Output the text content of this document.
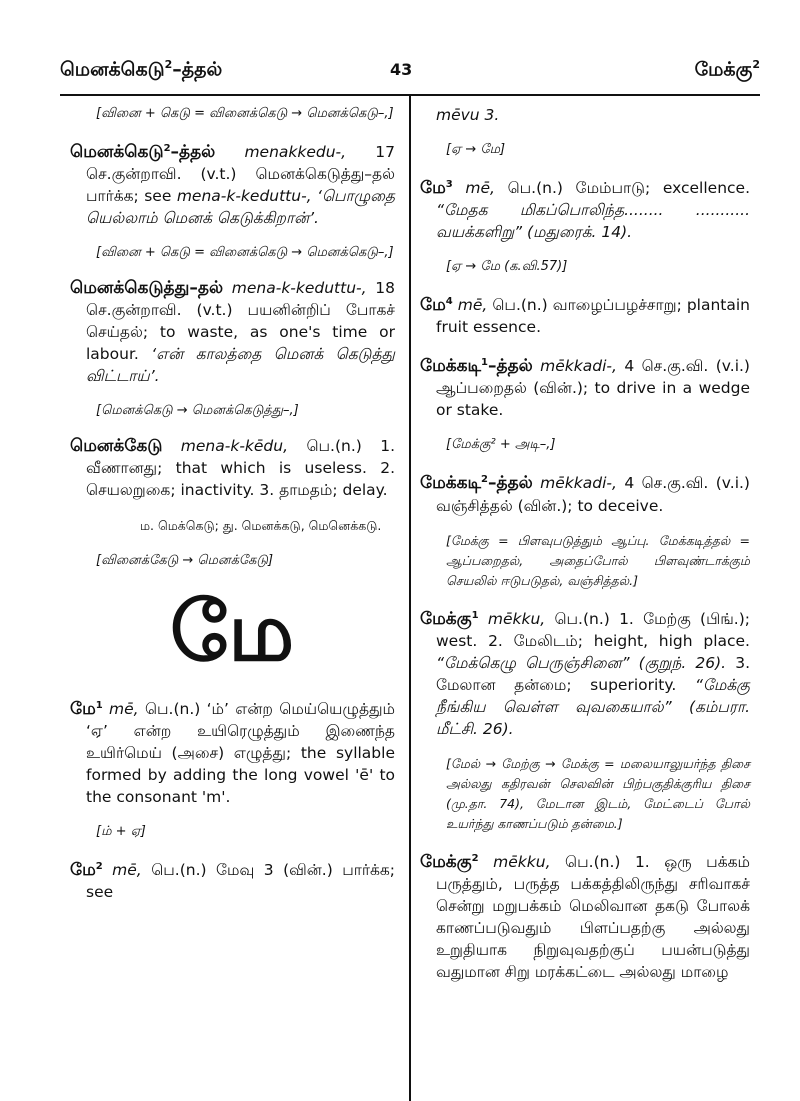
மெனக்கெடு$^2$–த்தல்	43	மேக்கு$^2$
[வினை + கெடு = வினைக்கெடு → மெனக்கெடு–,]
மெனக்கெடு$^2$–த்தல் menakkedu-, 17 செ.குன்றாவி. (v.t.) மெனக்கெடுத்து–தல் பார்க்க; see mena-k-keduttu-, ‘பொழுதை யெல்லாம் மெனக் கெடுக்கிறான்’.
[வினை + கெடு = வினைக்கெடு → மெனக்கெடு–,]
மெனக்கெடுத்து–தல் mena-k-keduttu-, 18 செ.குன்றாவி. (v.t.) பயனின்றிப் போகச் செய்தல்; to waste, as one's time or labour. ‘என் காலத்தை மெனக் கெடுத்து விட்டாய்’.
[மெனக்கெடு → மெனக்கெடுத்து–,]
மெனக்கேடு mena-k-kēdu, பெ.(n.) 1. வீணானது; that which is useless. 2. செயலறுகை; inactivity. 3. தாமதம்; delay.
ம. மெக்கெடு; து. மெனக்கடு, மெனெக்கடு.
[வினைக்கேடு → மெனக்கேடு]
மே
மே$^1$ mē, பெ.(n.) ‘ம்’ என்ற மெய்யெழுத்தும் ‘ஏ’ என்ற உயிரெழுத்தும் இணைந்த உயிர்மெய் (அசை) எழுத்து; the syllable formed by adding the long vowel 'ē' to the consonant 'm'.
[ம் + ஏ]
மே$^2$ mē, பெ.(n.) மேவு 3 (வின்.) பார்க்க; see
mēvu 3.
[ஏ → மே]
மே$^3$ mē, பெ.(n.) மேம்பாடு; excellence. “மேதக மிகப்பொலிந்த........ ........... வயக்களிறு” (மதுரைக். 14).
[ஏ → மே (க.வி.57)]
மே$^4$ mē, பெ.(n.) வாழைப்பழச்சாறு; plantain fruit essence.
மேக்கடி$^1$–த்தல் mēkkadi-, 4 செ.கு.வி. (v.i.) ஆப்பறைதல் (வின்.); to drive in a wedge or stake.
[மேக்கு² + அடி–,]
மேக்கடி$^2$–த்தல் mēkkadi-, 4 செ.கு.வி. (v.i.) வஞ்சித்தல் (வின்.); to deceive.
[மேக்கு = பிளவுபடுத்தும் ஆப்பு. மேக்கடித்தல் = ஆப்பறைதல், அதைப்போல் பிளவுண்டாக்கும் செயலில் ஈடுபடுதல், வஞ்சித்தல்.]
மேக்கு$^1$ mēkku, பெ.(n.) 1. மேற்கு (பிங்.); west. 2. மேலிடம்; height, high place. “மேக்கெழு பெருஞ்சினை” (குறுந். 26). 3. மேலான தன்மை; superiority. “மேக்கு நீங்கிய வெள்ள வுவகையால்” (கம்பரா. மீட்சி. 26).
[மேல் → மேற்கு → மேக்கு = மலையாலுயர்ந்த திசை அல்லது கதிரவன் செலவின் பிற்பகுதிக்குரிய திசை (மு.தா. 74), மேடான இடம், மேட்டைப் போல் உயர்ந்து காணப்படும் தன்மை.]
மேக்கு$^2$ mēkku, பெ.(n.) 1. ஒரு பக்கம் பருத்தும், பருத்த பக்கத்திலிருந்து சரிவாகச் சென்று மறுபக்கம் மெலிவான தகடு போலக் காணப்படுவதும் பிளப்பதற்கு அல்லது உறுதியாக நிறுவுவதற்குப் பயன்படுத்து வதுமான சிறு மரக்கட்டை அல்லது மாழை
